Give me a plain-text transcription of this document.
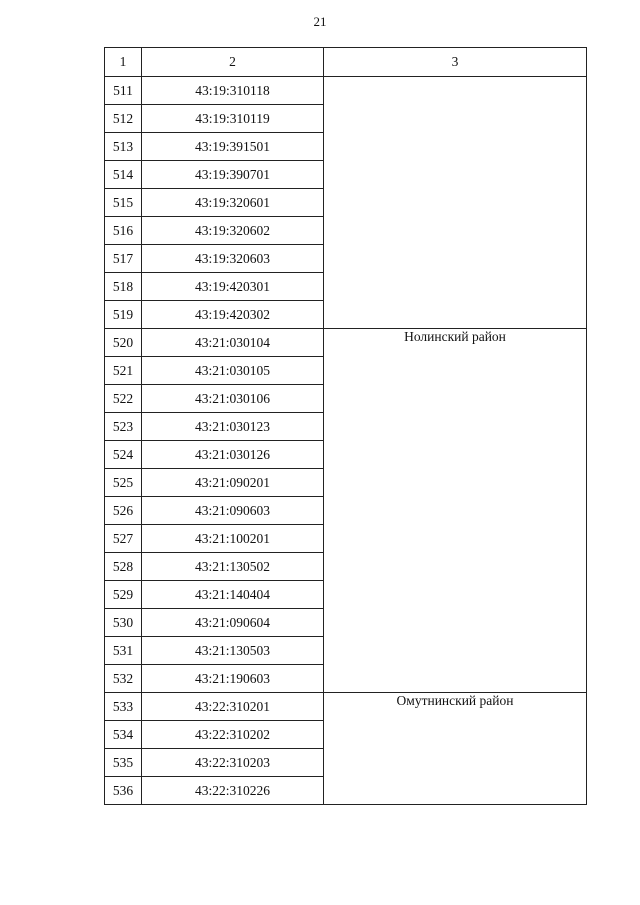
21
1	2	3
511	43:19:310118	
512	43:19:310119	
513	43:19:391501	
514	43:19:390701	
515	43:19:320601	
516	43:19:320602	
517	43:19:320603	
518	43:19:420301	
519	43:19:420302	
520	43:21:030104	Нолинский район
521	43:21:030105	
522	43:21:030106	
523	43:21:030123	
524	43:21:030126	
525	43:21:090201	
526	43:21:090603	
527	43:21:100201	
528	43:21:130502	
529	43:21:140404	
530	43:21:090604	
531	43:21:130503	
532	43:21:190603	
533	43:22:310201	Омутнинский район
534	43:22:310202	
535	43:22:310203	
536	43:22:310226	
